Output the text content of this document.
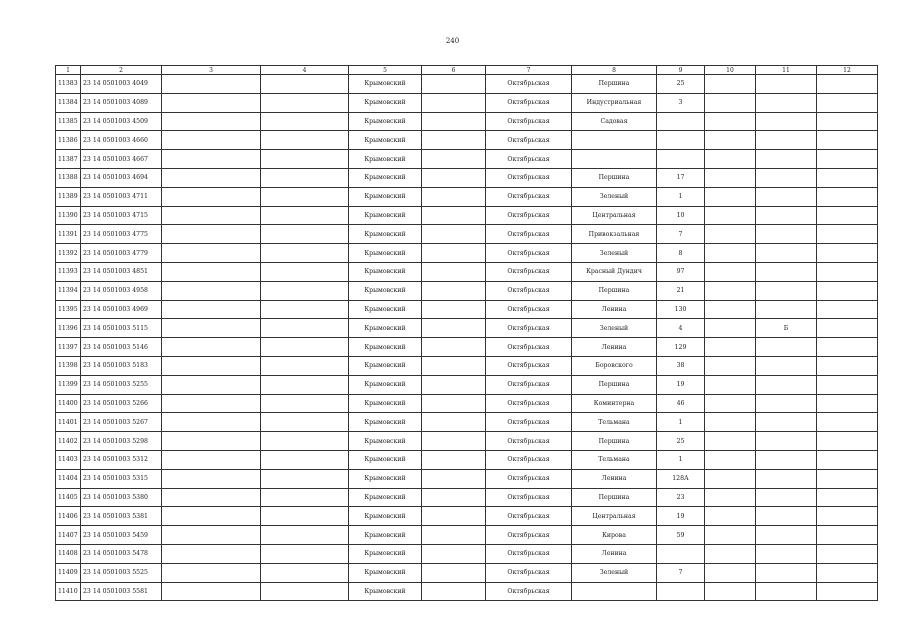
240
1	2	3	4	5	6	7	8	9	10	11	12
11383	23 14 0501003 4049			Крымовский		Октябрьская	Першина	25			
11384	23 14 0501003 4089			Крымовский		Октябрьская	Индустриальная	3			
11385	23 14 0501003 4509			Крымовский		Октябрьская	Садовая				
11386	23 14 0501003 4660			Крымовский		Октябрьская					
11387	23 14 0501003 4667			Крымовский		Октябрьская					
11388	23 14 0501003 4694			Крымовский		Октябрьская	Першина	17			
11389	23 14 0501003 4711			Крымовский		Октябрьская	Зеленый	1			
11390	23 14 0501003 4715			Крымовский		Октябрьская	Центральная	10			
11391	23 14 0501003 4775			Крымовский		Октябрьская	Привокзальная	7			
11392	23 14 0501003 4779			Крымовский		Октябрьская	Зеленый	8			
11393	23 14 0501003 4851			Крымовский		Октябрьская	Красный Дундич	97			
11394	23 14 0501003 4958			Крымовский		Октябрьская	Першина	21			
11395	23 14 0501003 4969			Крымовский		Октябрьская	Ленина	130			
11396	23 14 0501003 5115			Крымовский		Октябрьская	Зеленый	4		Б	
11397	23 14 0501003 5146			Крымовский		Октябрьская	Ленина	129			
11398	23 14 0501003 5183			Крымовский		Октябрьская	Боровского	38			
11399	23 14 0501003 5255			Крымовский		Октябрьская	Першина	19			
11400	23 14 0501003 5266			Крымовский		Октябрьская	Коминтерна	46			
11401	23 14 0501003 5267			Крымовский		Октябрьская	Тельмана	1			
11402	23 14 0501003 5298			Крымовский		Октябрьская	Першина	25			
11403	23 14 0501003 5312			Крымовский		Октябрьская	Тельмана	1			
11404	23 14 0501003 5315			Крымовский		Октябрьская	Ленина	128А			
11405	23 14 0501003 5380			Крымовский		Октябрьская	Першина	23			
11406	23 14 0501003 5381			Крымовский		Октябрьская	Центральная	19			
11407	23 14 0501003 5459			Крымовский		Октябрьская	Кирова	59			
11408	23 14 0501003 5478			Крымовский		Октябрьская	Ленина				
11409	23 14 0501003 5525			Крымовский		Октябрьская	Зеленый	7			
11410	23 14 0501003 5581			Крымовский		Октябрьская					
